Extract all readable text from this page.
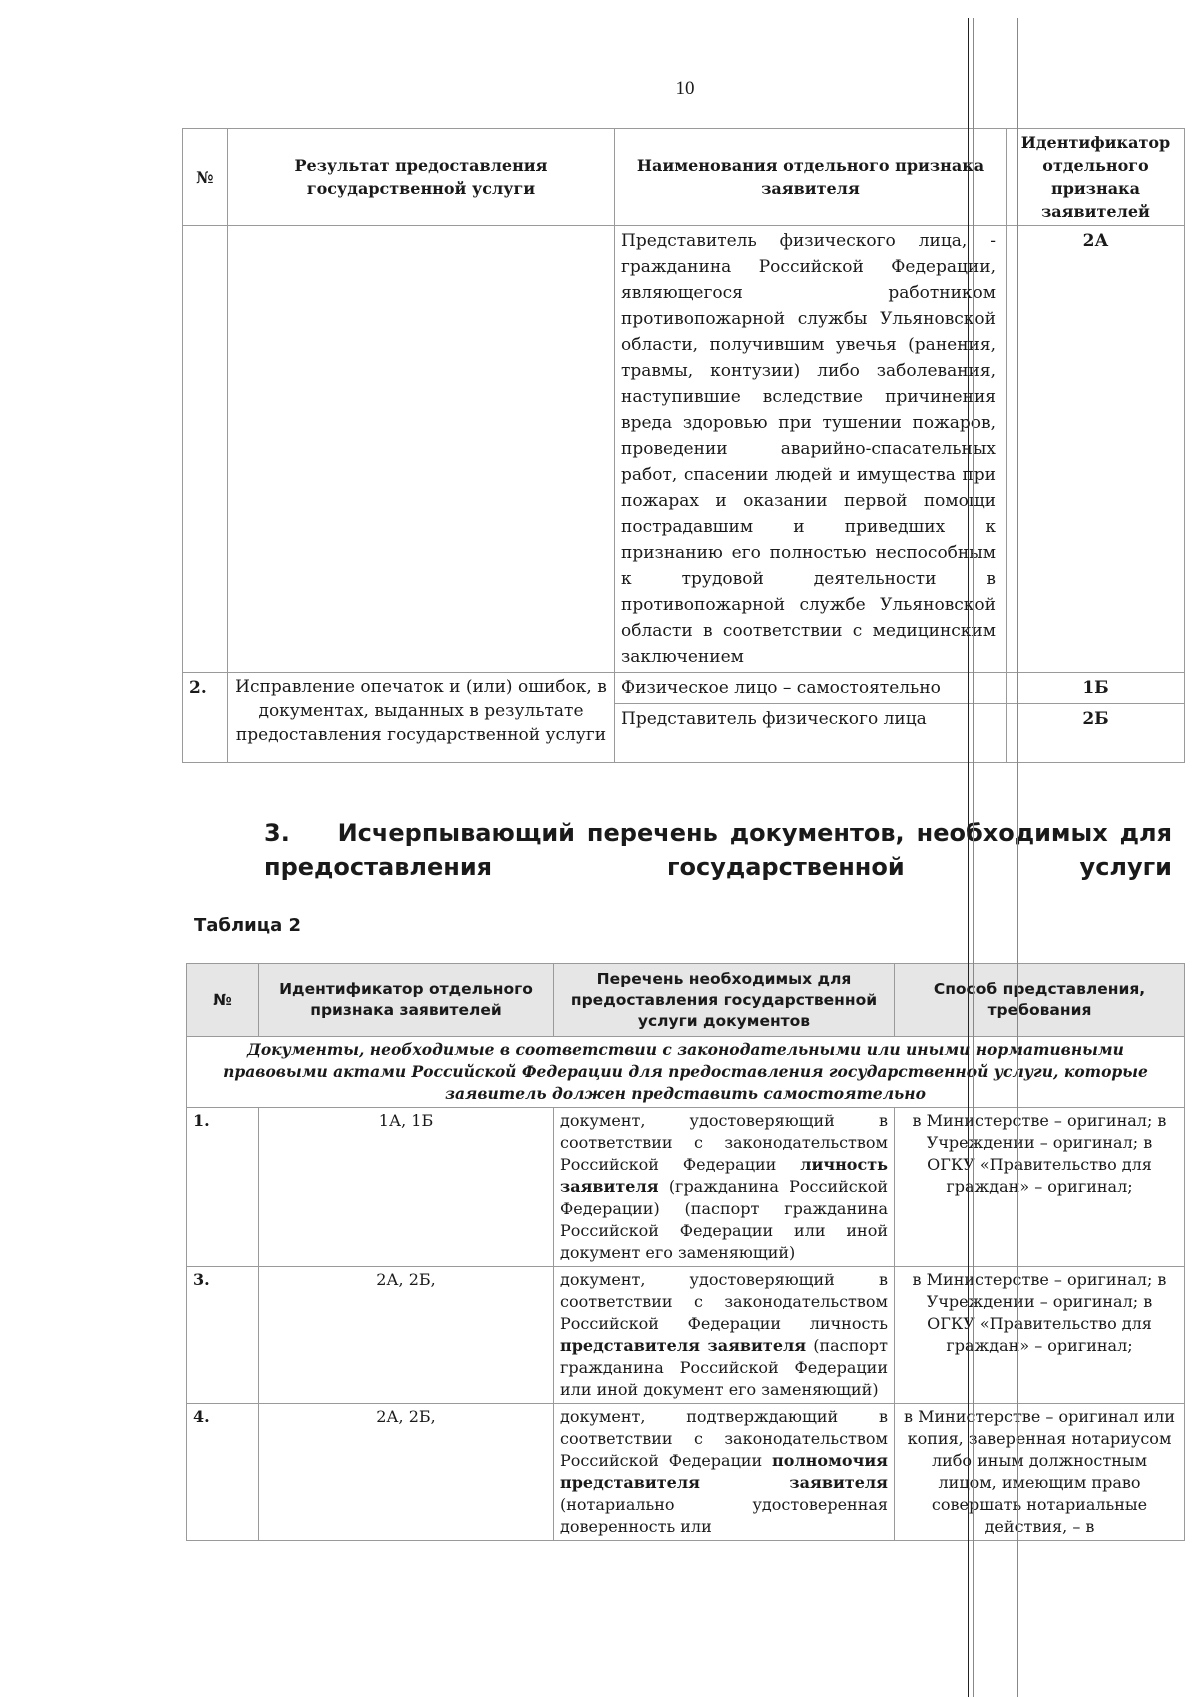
10
№	Результат предоставления государственной услуги	Наименования отдельного признака заявителя	Идентификатор отдельного признака заявителей
		Представитель физического лица, - гражданина Российской Федерации, являющегося работником противопожарной службы Ульяновской области, получившим увечья (ранения, травмы, контузии) либо заболевания, наступившие вследствие причинения вреда здоровью при тушении пожаров, проведении аварийно-спасательных работ, спасении людей и имущества при пожарах и оказании первой помощи пострадавшим и приведших к признанию его полностью неспособным к трудовой деятельности в противопожарной службе Ульяновской области в соответствии с медицинским заключением	2А
2.	Исправление опечаток и (или) ошибок, в документах, выданных в результате предоставления государственной услуги	Физическое лицо – самостоятельно	1Б
		Представитель физического лица	2Б
3. Исчерпывающий перечень документов, необходимых для предоставления государственной услуги
Таблица 2
№	Идентификатор отдельного признака заявителей	Перечень необходимых для предоставления государственной услуги документов	Способ представления, требования
Документы, необходимые в соответствии с законодательными или иными нормативными правовыми актами Российской Федерации для предоставления государственной услуги, которые заявитель должен представить самостоятельно			
1.	1А, 1Б	документ, удостоверяющий в соответствии с законодательством Российской Федерации личность заявителя (гражданина Российской Федерации) (паспорт гражданина Российской Федерации или иной документ его заменяющий)	в Министерстве – оригинал; в Учреждении – оригинал; в ОГКУ «Правительство для граждан» – оригинал;
3.	2А, 2Б,	документ, удостоверяющий в соответствии с законодательством Российской Федерации личность представителя заявителя (паспорт гражданина Российской Федерации или иной документ его заменяющий)	в Министерстве – оригинал; в Учреждении – оригинал; в ОГКУ «Правительство для граждан» – оригинал;
4.	2А, 2Б,	документ, подтверждающий в соответствии с законодательством Российской Федерации полномочия представителя заявителя (нотариально удостоверенная доверенность или	в Министерстве – оригинал или копия, заверенная нотариусом либо иным должностным лицом, имеющим право совершать нотариальные действия, – в
